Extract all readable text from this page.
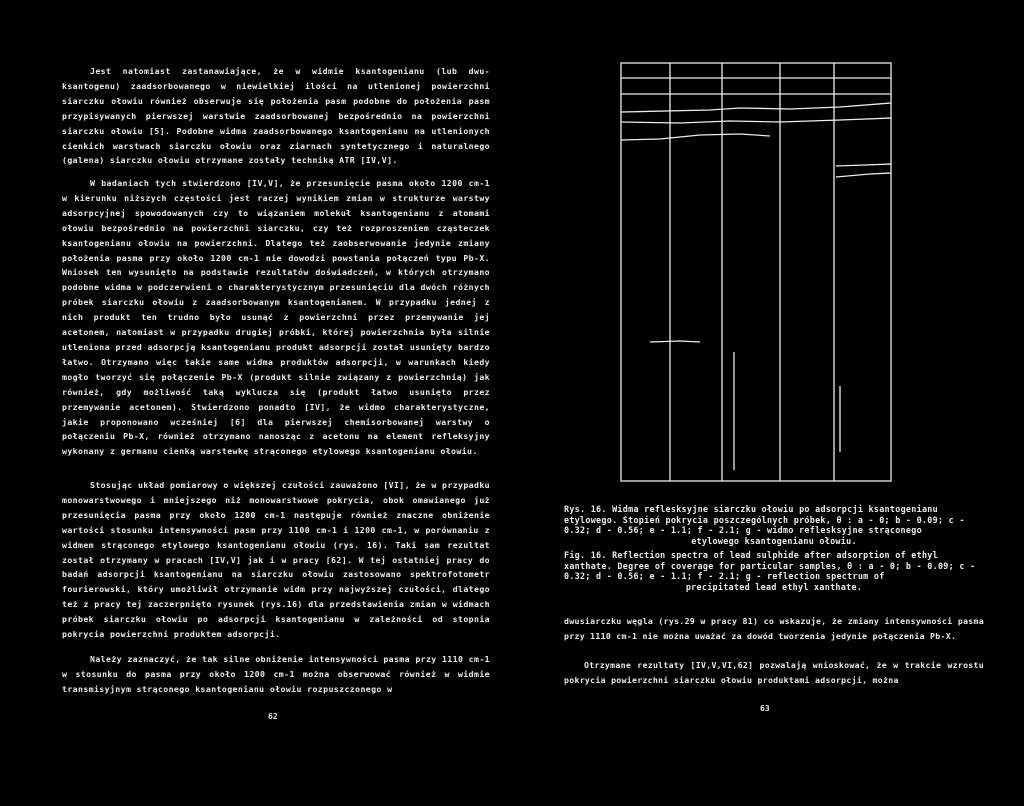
Jest natomiast zastanawiające, że w widmie ksantogenianu (lub dwu-ksantogenu) zaadsorbowanego w niewielkiej ilości na utlenionej powierzchni siarczku ołowiu również obserwuje się położenia pasm podobne do położenia pasm przypisywanych pierwszej warstwie zaadsorbowanej bezpośrednio na powierzchni siarczku ołowiu [5]. Podobne widma zaadsorbowanego ksantogenianu na utlenionych cienkich warstwach siarczku ołowiu oraz ziarnach syntetycznego i naturalnego (galena) siarczku ołowiu otrzymane zostały techniką ATR [IV,V].

W badaniach tych stwierdzono [IV,V], że przesunięcie pasma około 1200 cm-1 w kierunku niższych częstości jest raczej wynikiem zmian w strukturze warstwy adsorpcyjnej spowodowanych czy to wiązaniem molekuł ksantogenianu z atomami ołowiu bezpośrednio na powierzchni siarczku, czy też rozproszeniem cząsteczek ksantogenianu ołowiu na powierzchni. Dlatego też zaobserwowanie jedynie zmiany położenia pasma przy około 1200 cm-1 nie dowodzi powstania połączeń typu Pb-X. Wniosek ten wysunięto na podstawie rezultatów doświadczeń, w których otrzymano podobne widma w podczerwieni o charakterystycznym przesunięciu dla dwóch różnych próbek siarczku ołowiu z zaadsorbowanym ksantogenianem. W przypadku jednej z nich produkt ten trudno było usunąć z powierzchni przez przemywanie jej acetonem, natomiast w przypadku drugiej próbki, której powierzchnia była silnie utleniona przed adsorpcją ksantogenianu produkt adsorpcji został usunięty bardzo łatwo. Otrzymano więc takie same widma produktów adsorpcji, w warunkach kiedy mogło tworzyć się połączenie Pb-X (produkt silnie związany z powierzchnią) jak również, gdy możliwość taką wyklucza się (produkt łatwo usunięto przez przemywanie acetonem). Stwierdzono ponadto [IV], że widmo charakterystyczne, jakie proponowano wcześniej [6] dla pierwszej chemisorbowanej warstwy o połączeniu Pb-X, również otrzymano nanosząc z acetonu na element refleksyjny wykonany z germanu cienką warstewkę strąconego etylowego ksantogenianu ołowiu.

Stosując układ pomiarowy o większej czułości zauważono [VI], że w przypadku monowarstwowego i mniejszego niż monowarstwowe pokrycia, obok omawianego już przesunięcia pasma przy około 1200 cm-1 następuje również znaczne obniżenie wartości stosunku intensywności pasm przy 1100 cm-1 i 1200 cm-1, w porównaniu z widmem strąconego etylowego ksantogenianu ołowiu (rys. 16). Taki sam rezultat został otrzymany w pracach [IV,V] jak i w pracy [62]. W tej ostatniej pracy do badań adsorpcji ksantogenianu na siarczku ołowiu zastosowano spektrofotometr fourierowski, który umożliwił otrzymanie widm przy najwyższej czułości, dlatego też z pracy tej zaczerpnięto rysunek (rys.16) dla przedstawienia zmian w widmach próbek siarczku ołowiu po adsorpcji ksantogenianu w zależności od stopnia pokrycia powierzchni produktem adsorpcji.

Należy zaznaczyć, że tak silne obniżenie intensywności pasma przy 1110 cm-1 w stosunku do pasma przy około 1200 cm-1 można obserwować również w widmie transmisyjnym strąconego ksantogenianu ołowiu rozpuszczonego w

62

Rys. 16. Widma reflesksyjne siarczku ołowiu po adsorpcji ksantogenianu etylowego. Stopień pokrycia poszczególnych próbek, θ : a - 0; b - 0.09; c - 0.32; d - 0.56; e - 1.1; f - 2.1; g - widmo reflesksyjne strąconego
etylowego ksantogenianu ołowiu.

Fig. 16. Reflection spectra of lead sulphide after adsorption of ethyl xanthate. Degree of coverage for particular samples, θ : a - 0; b - 0.09; c - 0.32; d - 0.56; e - 1.1; f - 2.1; g - reflection spectrum of
precipitated lead ethyl xanthate.

dwusiarczku węgla (rys.29 w pracy 81) co wskazuje, że zmiany intensywności pasma przy 1110 cm-1 nie można uważać za dowód tworzenia jedynie połączenia Pb-X.

Otrzymane rezultaty [IV,V,VI,62] pozwalają wnioskować, że w trakcie wzrostu pokrycia powierzchni siarczku ołowiu produktami adsorpcji, można

63
